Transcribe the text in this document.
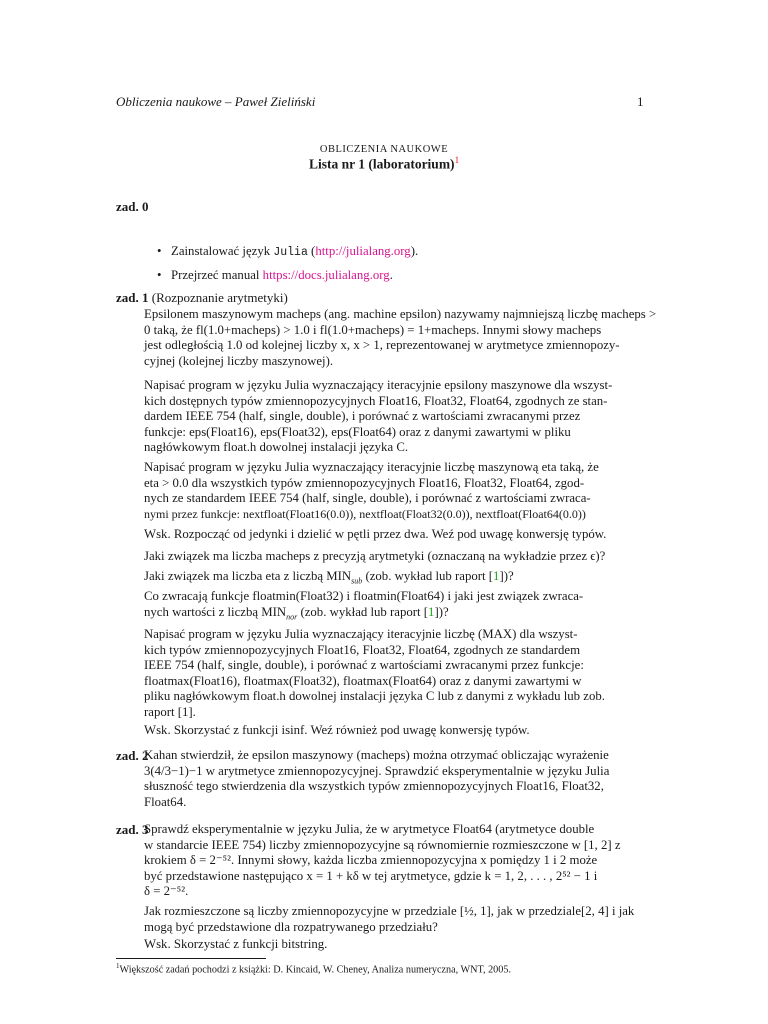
Obliczenia naukowe – Paweł Zieliński	1
OBLICZENIA NAUKOWE
Lista nr 1 (laboratorium)$^1$
zad. 0
• Zainstalować język Julia (http://julialang.org).
• Przejrzeć manual https://docs.julialang.org.
zad. 1 (Rozpoznanie arytmetyki)
Epsilonem maszynowym macheps (ang. machine epsilon) nazywamy najmniejszą liczbę macheps >
0 taką, że fl(1.0+macheps) > 1.0 i fl(1.0+macheps) = 1+macheps. Innymi słowy macheps
jest odległością 1.0 od kolejnej liczby x, x > 1, reprezentowanej w arytmetyce zmiennopozy-
cyjnej (kolejnej liczby maszynowej).
Napisać program w języku Julia wyznaczający iteracyjnie epsilony maszynowe dla wszyst-
kich dostępnych typów zmiennopozycyjnych Float16, Float32, Float64, zgodnych ze stan-
dardem IEEE 754 (half, single, double), i porównać z wartościami zwracanymi przez
funkcje: eps(Float16), eps(Float32), eps(Float64) oraz z danymi zawartymi w pliku
nagłówkowym float.h dowolnej instalacji języka C.
Napisać program w języku Julia wyznaczający iteracyjnie liczbę maszynową eta taką, że
eta > 0.0 dla wszystkich typów zmiennopozycyjnych Float16, Float32, Float64, zgod-
nych ze standardem IEEE 754 (half, single, double), i porównać z wartościami zwraca-
nymi przez funkcje: nextfloat(Float16(0.0)), nextfloat(Float32(0.0)), nextfloat(Float64(0.0))
Wsk. Rozpocząć od jedynki i dzielić w pętli przez dwa. Weź pod uwagę konwersję typów.
Jaki związek ma liczba macheps z precyzją arytmetyki (oznaczaną na wykładzie przez ϵ)?
Jaki związek ma liczba eta z liczbą $MIN_{sub}$ (zob. wykład lub raport [1])?
Co zwracają funkcje floatmin(Float32) i floatmin(Float64) i jaki jest związek zwraca-
nych wartości z liczbą $MIN_{nor}$ (zob. wykład lub raport [1])?
Napisać program w języku Julia wyznaczający iteracyjnie liczbę (MAX) dla wszyst-
kich typów zmiennopozycyjnych Float16, Float32, Float64, zgodnych ze standardem
IEEE 754 (half, single, double), i porównać z wartościami zwracanymi przez funkcje:
floatmax(Float16), floatmax(Float32), floatmax(Float64) oraz z danymi zawartymi w
pliku nagłówkowym float.h dowolnej instalacji języka C lub z danymi z wykładu lub zob.
raport [1].
Wsk. Skorzystać z funkcji isinf. Weź również pod uwagę konwersję typów.
zad. 2
Kahan stwierdził, że epsilon maszynowy (macheps) można otrzymać obliczając wyrażenie
3(4/3−1)−1 w arytmetyce zmiennopozycyjnej. Sprawdzić eksperymentalnie w języku Julia
słuszność tego stwierdzenia dla wszystkich typów zmiennopozycyjnych Float16, Float32,
Float64.
zad. 3
Sprawdź eksperymentalnie w języku Julia, że w arytmetyce Float64 (arytmetyce double
w standarcie IEEE 754) liczby zmiennopozycyjne są równomiernie rozmieszczone w [1, 2] z
krokiem δ = 2⁻⁵². Innymi słowy, każda liczba zmiennopozycyjna x pomiędzy 1 i 2 może
być przedstawione następująco x = 1 + kδ w tej arytmetyce, gdzie k = 1, 2, . . . , 2⁵² − 1 i
δ = 2⁻⁵².
Jak rozmieszczone są liczby zmiennopozycyjne w przedziale [½, 1], jak w przedziale[2, 4] i jak
mogą być przedstawione dla rozpatrywanego przedziału?
Wsk. Skorzystać z funkcji bitstring.
$^1$Większość zadań pochodzi z książki: D. Kincaid, W. Cheney, Analiza numeryczna, WNT, 2005.
